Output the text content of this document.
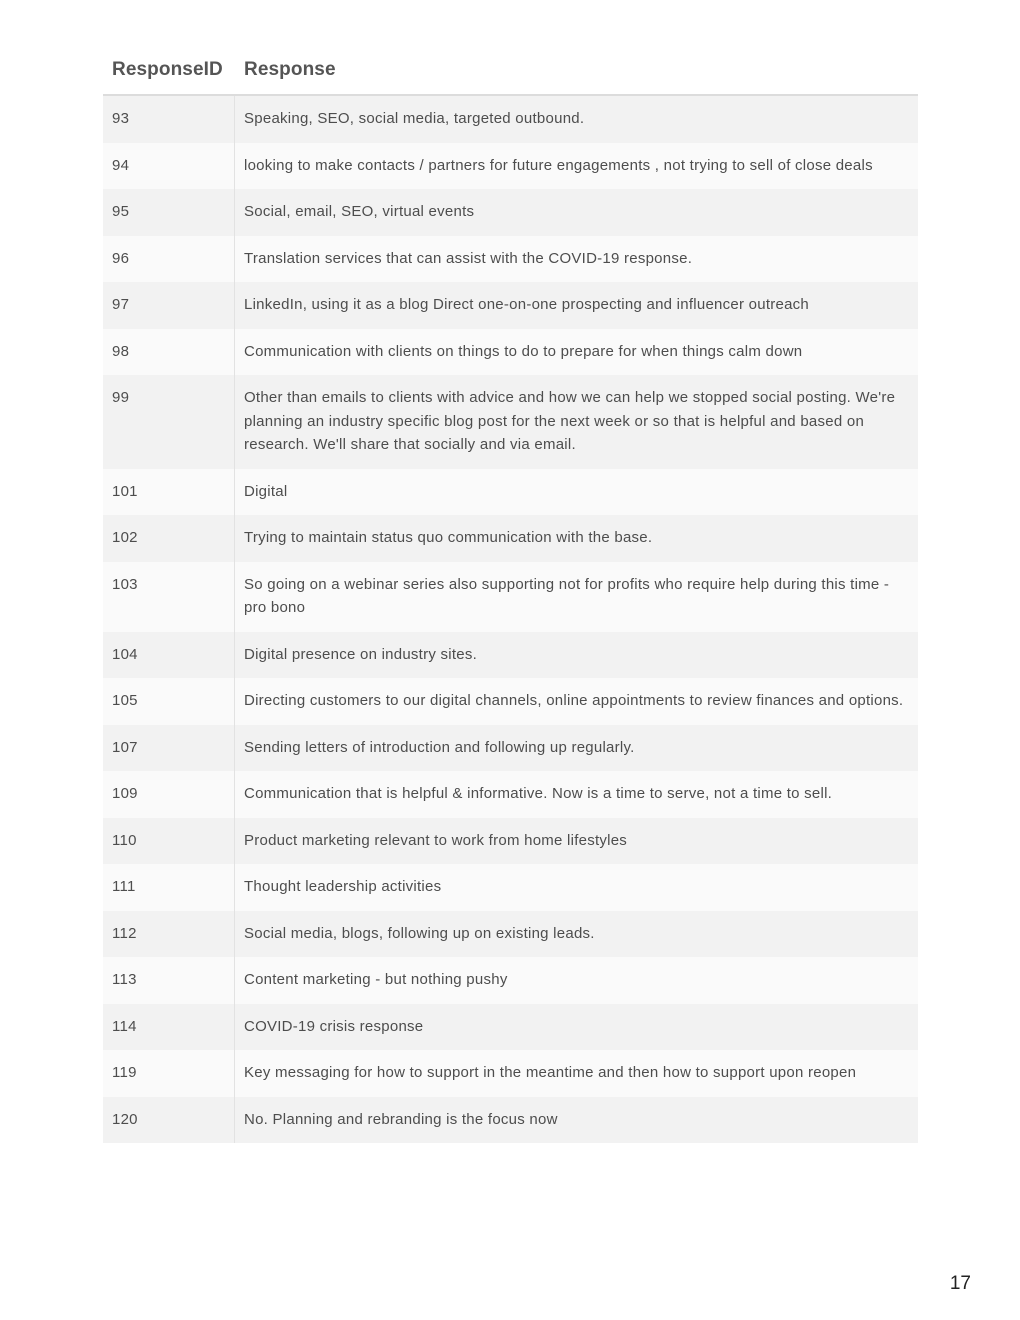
ResponseID	Response
93	Speaking, SEO, social media, targeted outbound.
94	looking to make contacts / partners for future engagements , not trying to sell of close deals
95	Social, email, SEO, virtual events
96	Translation services that can assist with the COVID-19 response.
97	LinkedIn, using it as a blog Direct one-on-one prospecting and influencer outreach
98	Communication with clients on things to do to prepare for when things calm down
99	Other than emails to clients with advice and how we can help we stopped social posting. We're planning an industry specific blog post for the next week or so that is helpful and based on research. We'll share that socially and via email.
101	Digital
102	Trying to maintain status quo communication with the base.
103	So going on a webinar series also supporting not for profits who require help during this time - pro bono
104	Digital presence on industry sites.
105	Directing customers to our digital channels, online appointments to review finances and options.
107	Sending letters of introduction and following up regularly.
109	Communication that is helpful & informative. Now is a time to serve, not a time to sell.
110	Product marketing relevant to work from home lifestyles
111	Thought leadership activities
112	Social media, blogs, following up on existing leads.
113	Content marketing - but nothing pushy
114	COVID-19 crisis response
119	Key messaging for how to support in the meantime and then how to support upon reopen
120	No. Planning and rebranding is the focus now
17
